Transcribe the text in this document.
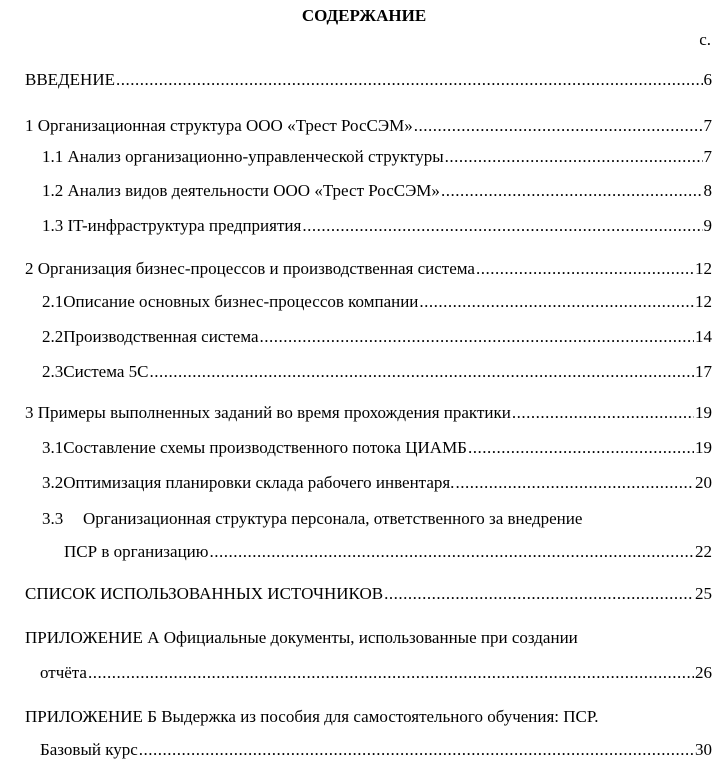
СОДЕРЖАНИЕ
с.
ВВЕДЕНИЕ .....	6
1 Организационная структура ООО «Трест РосСЭМ» .....	7
1.1 Анализ организационно-управленческой структуры .....	7
1.2 Анализ видов деятельности ООО «Трест РосСЭМ» .....	8
1.3 IT-инфраструктура предприятия .....	9
2 Организация бизнес-процессов и производственная система .....	12
2.1 Описание основных бизнес-процессов компании .....	12
2.2 Производственная система .....	14
2.3 Система 5С .....	17
3 Примеры выполненных заданий во время прохождения практики .....	19
3.1 Составление схемы производственного потока ЦИАМБ .....	19
3.2 Оптимизация планировки склада рабочего инвентаря. .....	20
3.3	Организационная структура персонала, ответственного за внедрение
ПСР в организацию .....	22
СПИСОК ИСПОЛЬЗОВАННЫХ ИСТОЧНИКОВ .....	25
ПРИЛОЖЕНИЕ А Официальные документы, использованные при создании
отчёта .....	26
ПРИЛОЖЕНИЕ Б Выдержка из пособия для самостоятельного обучения: ПСР.
Базовый курс .....	30
